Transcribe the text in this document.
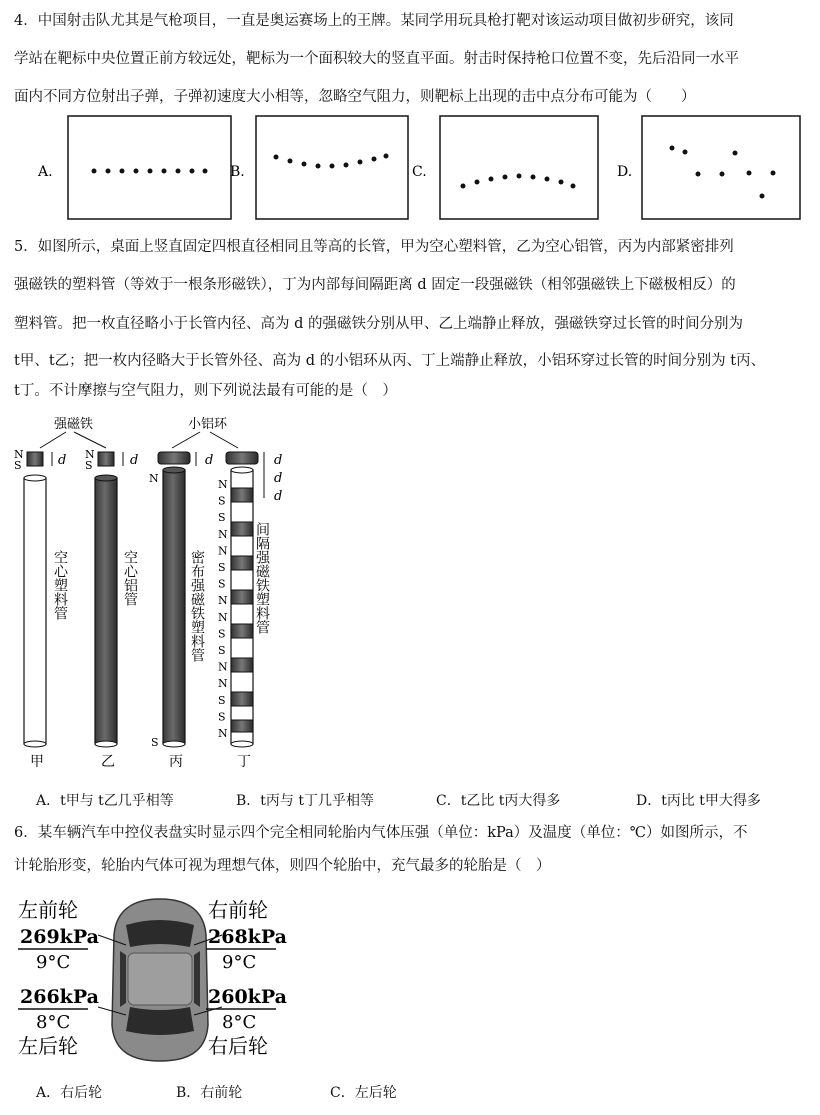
4．中国射击队尤其是气枪项目，一直是奥运赛场上的王牌。某同学用玩具枪打靶对该运动项目做初步研究，该同
学站在靶标中央位置正前方较远处，靶标为一个面积较大的竖直平面。射击时保持枪口位置不变，先后沿同一水平
面内不同方位射出子弹，子弹初速度大小相等，忽略空气阻力，则靶标上出现的击中点分布可能为（　　）
A.	B.	C.	D.
5．如图所示，桌面上竖直固定四根直径相同且等高的长管，甲为空心塑料管，乙为空心铝管，丙为内部紧密排列
强磁铁的塑料管（等效于一根条形磁铁），丁为内部每间隔距离 d 固定一段强磁铁（相邻强磁铁上下磁极相反）的
塑料管。把一枚直径略小于长管内径、高为 d 的强磁铁分别从甲、乙上端静止释放，强磁铁穿过长管的时间分别为
t甲、t乙；把一枚内径略大于长管外径、高为 d 的小铝环从丙、丁上端静止释放，小铝环穿过长管的时间分别为 t丙、
t丁。不计摩擦与空气阻力，则下列说法最有可能的是（　）
强磁铁	小铝环
N
S	d
空心塑料管
甲
N
S	d
空心铝管
乙
N
S
d
密布强磁铁塑料管
丙
N
S
S
N
N
S
S
N
N
S
S
N
N
S
S
N
d
d
d
间隔强磁铁塑料管
丁
A．t甲与 t乙几乎相等	B．t丙与 t丁几乎相等	C．t乙比 t丙大得多	D．t丙比 t甲大得多
6．某车辆汽车中控仪表盘实时显示四个完全相同轮胎内气体压强（单位：kPa）及温度（单位：℃）如图所示，不
计轮胎形变，轮胎内气体可视为理想气体，则四个轮胎中，充气最多的轮胎是（　）
左前轮
269kPa
9°C
右前轮
268kPa
9°C
266kPa
8°C
左后轮
260kPa
8°C
右后轮
A．右后轮	B．右前轮	C．左后轮
